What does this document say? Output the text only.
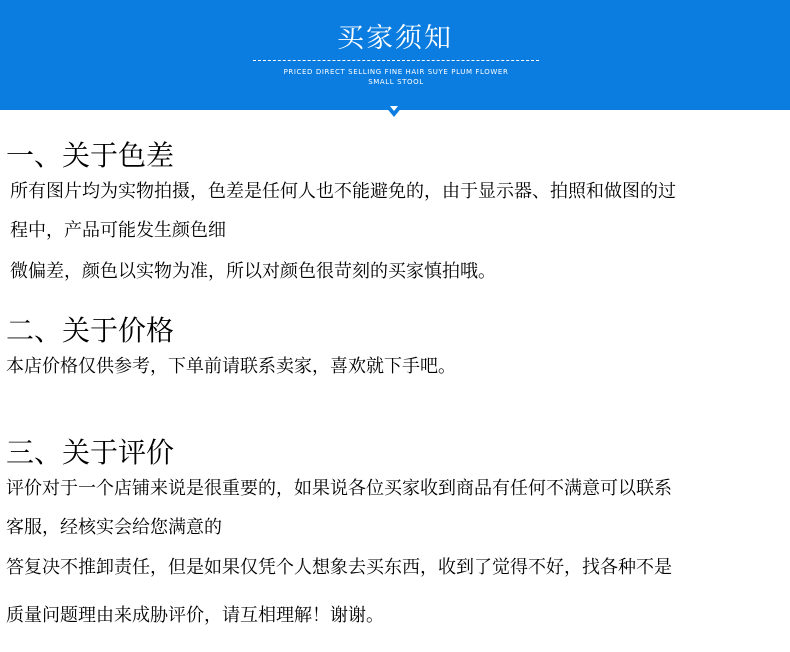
买家须知
PRICED DIRECT SELLING FINE HAIR SUYE PLUM FLOWER
SMALL STOOL
一、关于色差
所有图片均为实物拍摄，色差是任何人也不能避免的，由于显示器、拍照和做图的过
程中，产品可能发生颜色细
微偏差，颜色以实物为准，所以对颜色很苛刻的买家慎拍哦。
二、关于价格
本店价格仅供参考，下单前请联系卖家，喜欢就下手吧。
三、关于评价
评价对于一个店铺来说是很重要的，如果说各位买家收到商品有任何不满意可以联系
客服，经核实会给您满意的
答复决不推卸责任，但是如果仅凭个人想象去买东西，收到了觉得不好，找各种不是
质量问题理由来成胁评价，请互相理解！谢谢。
